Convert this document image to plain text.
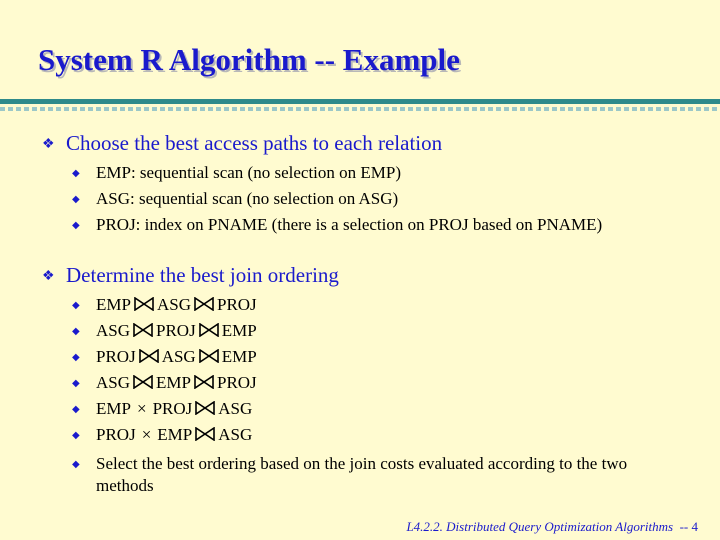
System R Algorithm -- Example
❖ Choose the best access paths to each relation
◆ EMP: sequential scan (no selection on EMP)
◆ ASG: sequential scan (no selection on ASG)
◆ PROJ: index on PNAME (there is a selection on PROJ based on PNAME)
❖ Determine the best join ordering
◆ EMP ASG PROJ
◆ ASG PROJ EMP
◆ PROJ ASG EMP
◆ ASG EMP PROJ
◆ EMP × PROJ ASG
◆ PROJ × EMP ASG
◆ Select the best ordering based on the join costs evaluated according to the two methods
L4.2.2. Distributed Query Optimization Algorithms -- 4
